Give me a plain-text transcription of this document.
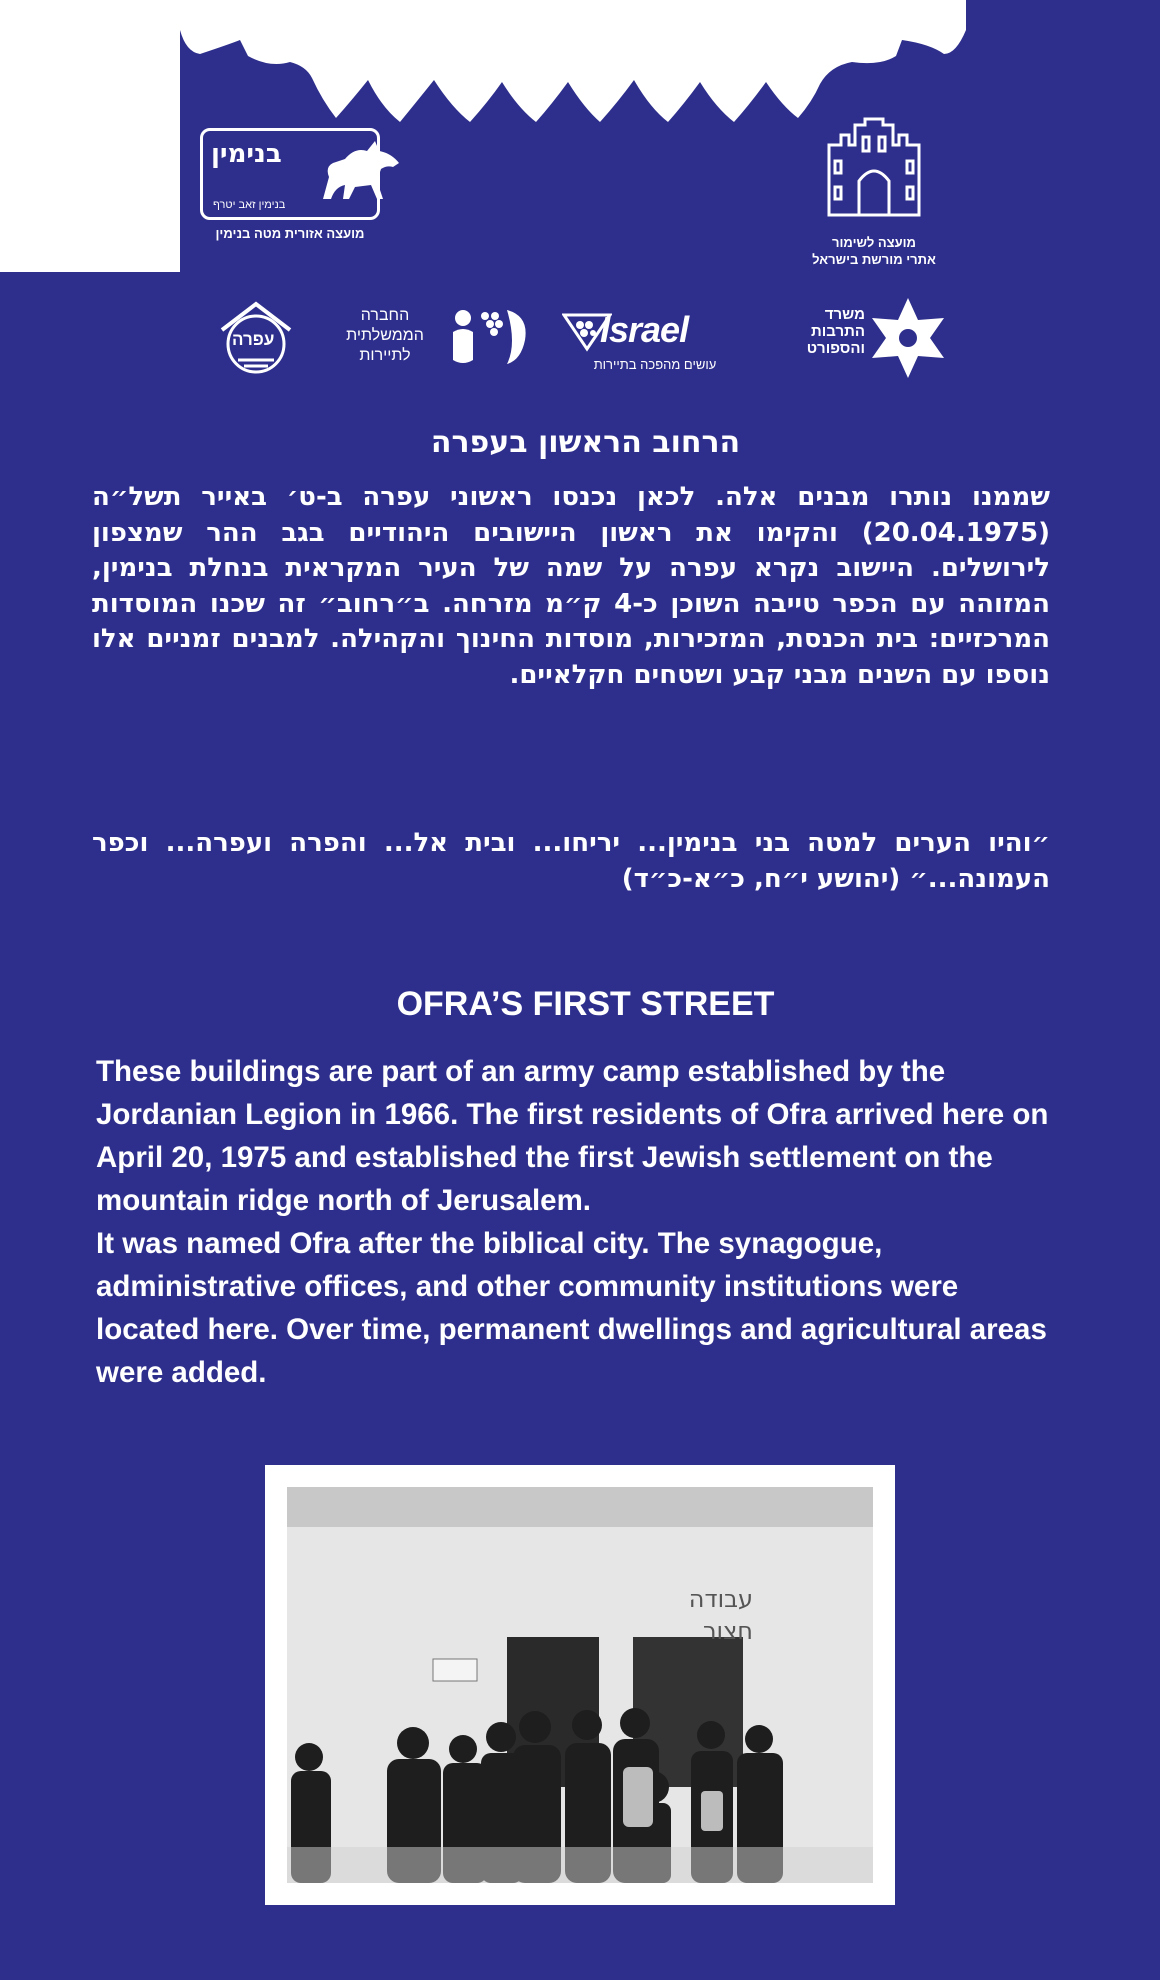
בנימין
בנימין זאב יטרף
מועצה אזורית מטה בנימין
מועצה לשימור
אתרי מורשת בישראל
משרד
התרבות
והספורט
Israel
עושים מהפכה בתיירות
החברה
הממשלתית
לתיירות
עפרה
הרחוב הראשון בעפרה
שממנו נותרו מבנים אלה. לכאן נכנסו ראשוני עפרה ב-ט׳ באייר תשל״ה (20.04.1975) והקימו את ראשון היישובים היהודיים בגב ההר שמצפון לירושלים. היישוב נקרא עפרה על שמה של העיר המקראית בנחלת בנימין, המזוהה עם הכפר טייבה השוכן כ-4 ק״מ מזרחה. ב״רחוב״ זה שכנו המוסדות המרכזיים: בית הכנסת, המזכירות, מוסדות החינוך והקהילה. למבנים זמניים אלו נוספו עם השנים מבני קבע ושטחים חקלאיים.
״והיו הערים למטה בני בנימין... יריחו... ובית אל... והפרה ועפרה... וכפר העמונה...״ (יהושע י״ח, כ״א-כ״ד)
OFRA’S FIRST STREET

These buildings are part of an army camp established by the Jordanian Legion in 1966. The first residents of Ofra arrived here on April 20, 1975 and established the first Jewish settlement on the mountain ridge north of Jerusalem.

It was named Ofra after the biblical city. The synagogue, administrative offices, and other community institutions were located here. Over time, permanent dwellings and agricultural areas were added.

עבודה
חצור
